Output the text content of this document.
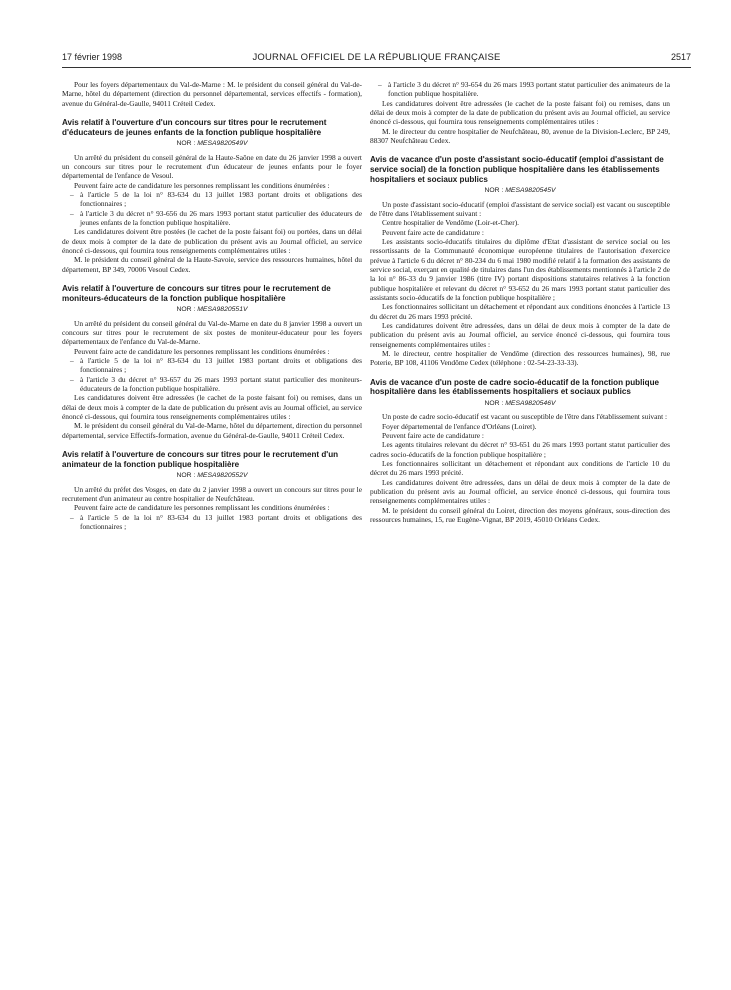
17 février 1998	JOURNAL OFFICIEL DE LA RÉPUBLIQUE FRANÇAISE	2517

Pour les foyers départementaux du Val-de-Marne : M. le président du conseil général du Val-de-Marne, hôtel du département (direction du personnel départemental, services effectifs - formation), avenue du Général-de-Gaulle, 94011 Créteil Cedex.

Avis relatif à l'ouverture d'un concours sur titres pour le recrutement d'éducateurs de jeunes enfants de la fonction publique hospitalière
NOR : MESA9820549V

Un arrêté du président du conseil général de la Haute-Saône en date du 26 janvier 1998 a ouvert un concours sur titres pour le recrutement d'un éducateur de jeunes enfants pour le foyer départemental de l'enfance de Vesoul.

Peuvent faire acte de candidature les personnes remplissant les conditions énumérées :

– à l'article 5 de la loi n° 83-634 du 13 juillet 1983 portant droits et obligations des fonctionnaires ;

– à l'article 3 du décret n° 93-656 du 26 mars 1993 portant statut particulier des éducateurs de jeunes enfants de la fonction publique hospitalière.

Les candidatures doivent être postées (le cachet de la poste faisant foi) ou portées, dans un délai de deux mois à compter de la date de publication du présent avis au Journal officiel, au service énoncé ci-dessous, qui fournira tous renseignements complémentaires utiles :

M. le président du conseil général de la Haute-Savoie, service des ressources humaines, hôtel du département, BP 349, 70006 Vesoul Cedex.

Avis relatif à l'ouverture de concours sur titres pour le recrutement de moniteurs-éducateurs de la fonction publique hospitalière
NOR : MESA9820551V

Un arrêté du président du conseil général du Val-de-Marne en date du 8 janvier 1998 a ouvert un concours sur titres pour le recrutement de six postes de moniteur-éducateur pour les foyers départementaux de l'enfance du Val-de-Marne.

Peuvent faire acte de candidature les personnes remplissant les conditions énumérées :

– à l'article 5 de la loi n° 83-634 du 13 juillet 1983 portant droits et obligations des fonctionnaires ;

– à l'article 3 du décret n° 93-657 du 26 mars 1993 portant statut particulier des moniteurs-éducateurs de la fonction publique hospitalière.

Les candidatures doivent être adressées (le cachet de la poste faisant foi) ou remises, dans un délai de deux mois à compter de la date de publication du présent avis au Journal officiel, au service énoncé ci-dessous, qui fournira tous renseignements complémentaires utiles :

M. le président du conseil général du Val-de-Marne, hôtel du département, direction du personnel départemental, service Effectifs-formation, avenue du Général-de-Gaulle, 94011 Créteil Cedex.

Avis relatif à l'ouverture de concours sur titres pour le recrutement d'un animateur de la fonction publique hospitalière
NOR : MESA9820552V

Un arrêté du préfet des Vosges, en date du 2 janvier 1998 a ouvert un concours sur titres pour le recrutement d'un animateur au centre hospitalier de Neufchâteau.

Peuvent faire acte de candidature les personnes remplissant les conditions énumérées :

– à l'article 5 de la loi n° 83-634 du 13 juillet 1983 portant droits et obligations des fonctionnaires ;

– à l'article 3 du décret n° 93-654 du 26 mars 1993 portant statut particulier des animateurs de la fonction publique hospitalière.

Les candidatures doivent être adressées (le cachet de la poste faisant foi) ou remises, dans un délai de deux mois à compter de la date de publication du présent avis au Journal officiel, au service énoncé ci-dessous, qui fournira tous renseignements complémentaires utiles :

M. le directeur du centre hospitalier de Neufchâteau, 80, avenue de la Division-Leclerc, BP 249, 88307 Neufchâteau Cedex.

Avis de vacance d'un poste d'assistant socio-éducatif (emploi d'assistant de service social) de la fonction publique hospitalière dans les établissements hospitaliers et sociaux publics
NOR : MESA9820545V

Un poste d'assistant socio-éducatif (emploi d'assistant de service social) est vacant ou susceptible de l'être dans l'établissement suivant :

Centre hospitalier de Vendôme (Loir-et-Cher).

Peuvent faire acte de candidature :

Les assistants socio-éducatifs titulaires du diplôme d'Etat d'assistant de service social ou les ressortissants de la Communauté économique européenne titulaires de l'autorisation d'exercice prévue à l'article 6 du décret n° 80-234 du 6 mai 1980 modifié relatif à la formation des assistants de service social, exerçant en qualité de titulaires dans l'un des établissements mentionnés à l'article 2 de la loi n° 86-33 du 9 janvier 1986 (titre IV) portant dispositions statutaires relatives à la fonction publique hospitalière et relevant du décret n° 93-652 du 26 mars 1993 portant statut particulier des assistants socio-éducatifs de la fonction publique hospitalière ;

Les fonctionnaires sollicitant un détachement et répondant aux conditions énoncées à l'article 13 du décret du 26 mars 1993 précité.

Les candidatures doivent être adressées, dans un délai de deux mois à compter de la date de publication du présent avis au Journal officiel, au service énoncé ci-dessous, qui fournira tous renseignements complémentaires utiles :

M. le directeur, centre hospitalier de Vendôme (direction des ressources humaines), 98, rue Poterie, BP 108, 41106 Vendôme Cedex (téléphone : 02-54-23-33-33).

Avis de vacance d'un poste de cadre socio-éducatif de la fonction publique hospitalière dans les établissements hospitaliers et sociaux publics
NOR : MESA9820546V

Un poste de cadre socio-éducatif est vacant ou susceptible de l'être dans l'établissement suivant :

Foyer départemental de l'enfance d'Orléans (Loiret).

Peuvent faire acte de candidature :

Les agents titulaires relevant du décret n° 93-651 du 26 mars 1993 portant statut particulier des cadres socio-éducatifs de la fonction publique hospitalière ;

Les fonctionnaires sollicitant un détachement et répondant aux conditions de l'article 10 du décret du 26 mars 1993 précité.

Les candidatures doivent être adressées, dans un délai de deux mois à compter de la date de publication du présent avis au Journal officiel, au service énoncé ci-dessous, qui fournira tous renseignements complémentaires utiles :

M. le président du conseil général du Loiret, direction des moyens généraux, sous-direction des ressources humaines, 15, rue Eugène-Vignat, BP 2019, 45010 Orléans Cedex.
